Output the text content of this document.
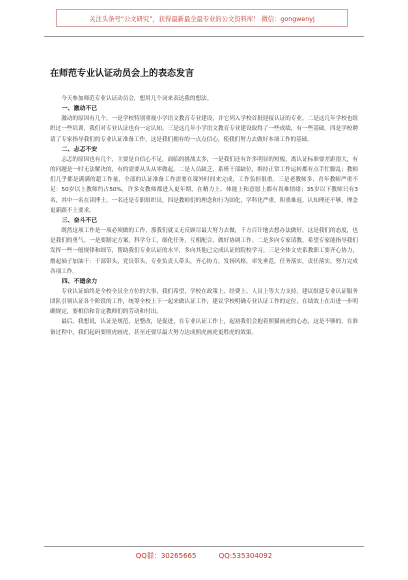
关注头条号“公文研究”，获得最新最全最专业的公文资料库！ 微信：gongwenyj
在师范专业认证动员会上的表态发言

今天参加师范专业认证动员会，想用几个词来表达我的想法。

一、激动不已

激动的原因有几个，一是学校特别重视小学语文教育专业建设，并它列入学校首批迎接认证的专业。二是这几年学校也组织过一些培训，我们对专业认证也有一定认知。三是这几年小学语文教育专业建设取得了一些成绩，有一些基础。四是学校聘请了专家指导我们的专业认证准备工作，这是我们拥有的一点点信心，使我们努力去做好本项工作的基础。

二、忐忑不安

忐忑的原因也有几个，主要是自信心不足，面临的挑战太多，一是我们还有许多明显的短板，离认证标准要差距很大，有的问题是一时无法解决的，有的需要从头从零做起。二是人员缺乏，系班干部缺位，维持正常工作运转都有点手忙脚乱；教师们几乎都是满满的超工作量，全部的认证准备工作需要在课外时间来完成，工作负担很重。三是老教师多，青年教师严重不足：50岁以上教师约占50%，许多女教师都进入更年期，在精力上、体能上和意愿上都有畏难情绪；35岁以下教师只有3名，其中一名在读博士，一名还是专职组织员，四是教师们的理念和行为固化，学科化严重，积重难返，认知理还不够，理念更新跟不上要求。

三、奋斗不已

既然这项工作是一项必须做的工作，那我们就义无反顾尽最大努力去做，千方百计地去想办法做好，这是我们的态度，也是我们的勇气。一是要制定方案，科学分工，细化任务，互相配合，做好协调工作。二是多向专家请教，希望专家能指导我们发挥一些一般规律和细节，帮助我们专业认证的水平，多向其他已完成认证的院校学习。三是全体文史系教职工要齐心协力，撸起袖子加油干：干部带头，党员带头，专业负责人带头，齐心协力，发扬风格，率先垂范，任务落实，责任落实，努力完成各项工作。

四、不遗余力

专业认证始终是全校全员全方位的大事，我们希望，学校在政策上、经费上、人员上等大力支持，建议组建专业认证服务团队引领认证各个阶段的工作，统筹全校上下一起来做认证工作，建议学校明确专业认证工作的定位，在绩效上在出进一步明确规定，要相信和肯定教师们的劳动和付出。

最后，我想说，认证是规范，是整改，是促进，在专业认证工作上，起初我们会抱着照猫画虎的心态，这是不够的，在准备过程中，我们起码要照虎画虎，甚至还要尽最大努力达成照虎画虎更胜虎的效果。

QQ群：30265665	QQ:535304092
